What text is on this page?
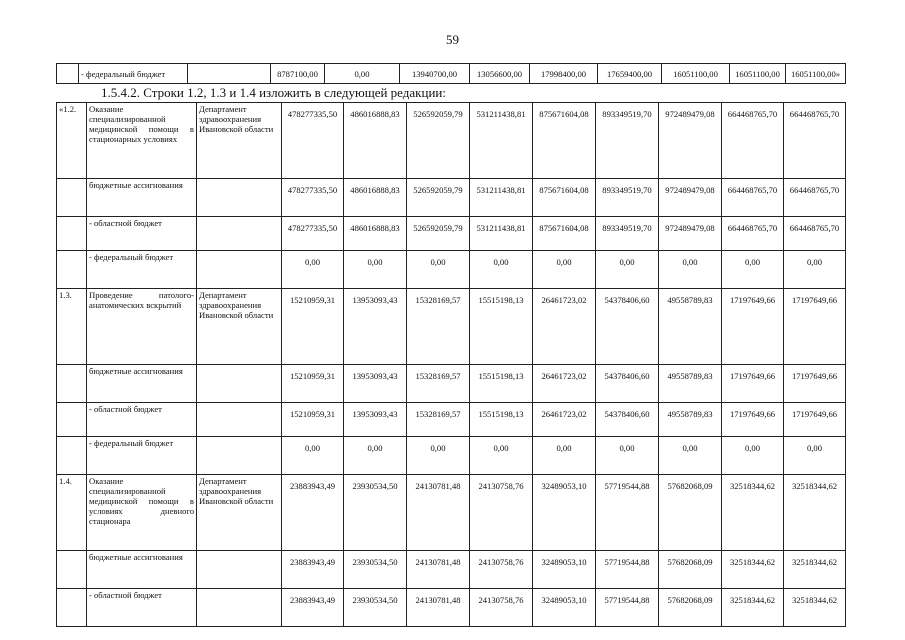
59
	- федеральный бюджет		8787100,00	0,00	13940700,00	13056600,00	17998400,00	17659400,00	16051100,00	16051100,00	16051100,00»
1.5.4.2. Строки 1.2, 1.3 и 1.4 изложить в следующей редакции:
«1.2.	Оказание специализированной медицинской помощи в стационарных условиях	Департамент здравоохранения Ивановской области	478277335,50	486016888,83	526592059,79	531211438,81	875671604,08	893349519,70	972489479,08	664468765,70	664468765,70
	бюджетные ассигнования		478277335,50	486016888,83	526592059,79	531211438,81	875671604,08	893349519,70	972489479,08	664468765,70	664468765,70
	- областной бюджет		478277335,50	486016888,83	526592059,79	531211438,81	875671604,08	893349519,70	972489479,08	664468765,70	664468765,70
	- федеральный бюджет		0,00	0,00	0,00	0,00	0,00	0,00	0,00	0,00	0,00
1.3.	Проведение патолого-анатомических вскрытий	Департамент здравоохранения Ивановской области	15210959,31	13953093,43	15328169,57	15515198,13	26461723,02	54378406,60	49558789,83	17197649,66	17197649,66
	бюджетные ассигнования		15210959,31	13953093,43	15328169,57	15515198,13	26461723,02	54378406,60	49558789,83	17197649,66	17197649,66
	- областной бюджет		15210959,31	13953093,43	15328169,57	15515198,13	26461723,02	54378406,60	49558789,83	17197649,66	17197649,66
	- федеральный бюджет		0,00	0,00	0,00	0,00	0,00	0,00	0,00	0,00	0,00
1.4.	Оказание специализированной медицинской помощи в условиях дневного стационара	Департамент здравоохранения Ивановской области	23883943,49	23930534,50	24130781,48	24130758,76	32489053,10	57719544,88	57682068,09	32518344,62	32518344,62
	бюджетные ассигнования		23883943,49	23930534,50	24130781,48	24130758,76	32489053,10	57719544,88	57682068,09	32518344,62	32518344,62
	- областной бюджет		23883943,49	23930534,50	24130781,48	24130758,76	32489053,10	57719544,88	57682068,09	32518344,62	32518344,62
